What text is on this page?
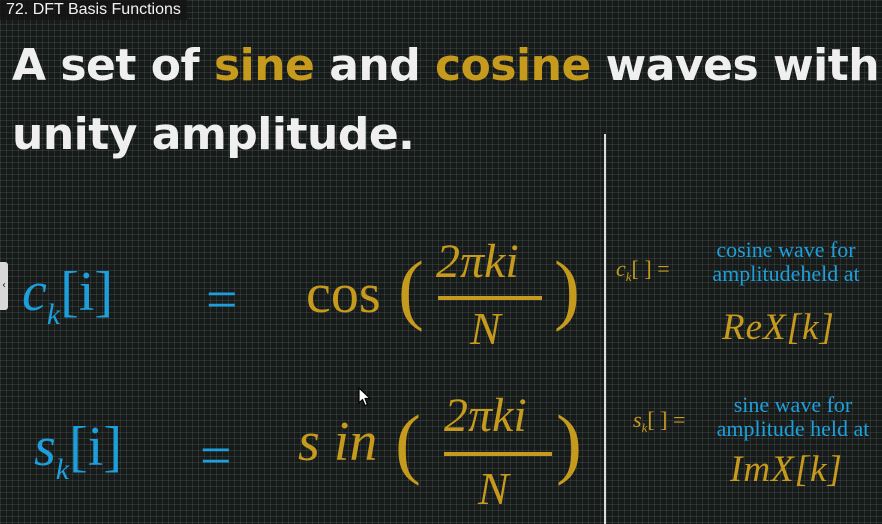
72. DFT Basis Functions
‹
A set of sine and cosine waves with
unity amplitude.
$c_k[i] = \cos$ ( 2πki
N )
$s_k[i] = s$ in ( 2πki
N
)
$c_k$[ ] =
cosine wave for
amplitudeheld at
ReX[k]
$s_k$[ ] =
sine wave for
amplitude held at
ImX[k]
